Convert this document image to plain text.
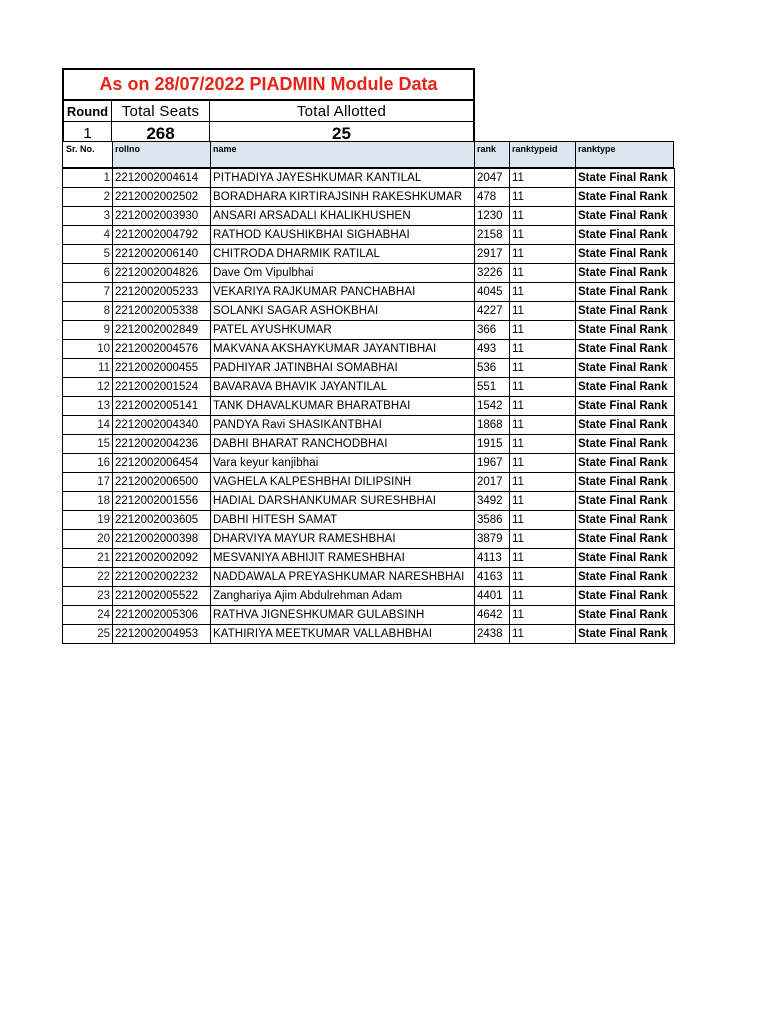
As on 28/07/2022 PIADMIN Module Data
Round Total Seats	Total Allotted
1	268	25
Sr. No.	rollno	name	rank	ranktypeid	ranktype
1	2212002004614	PITHADIYA JAYESHKUMAR KANTILAL	2047	11	State Final Rank
2	2212002002502	BORADHARA KIRTIRAJSINH RAKESHKUMAR	478	11	State Final Rank
3	2212002003930	ANSARI ARSADALI KHALIKHUSHEN	1230	11	State Final Rank
4	2212002004792	RATHOD KAUSHIKBHAI SIGHABHAI	2158	11	State Final Rank
5	2212002006140	CHITRODA DHARMIK RATILAL	2917	11	State Final Rank
6	2212002004826	Dave Om Vipulbhai	3226	11	State Final Rank
7	2212002005233	VEKARIYA RAJKUMAR PANCHABHAI	4045	11	State Final Rank
8	2212002005338	SOLANKI SAGAR ASHOKBHAI	4227	11	State Final Rank
9	2212002002849	PATEL AYUSHKUMAR	366	11	State Final Rank
10	2212002004576	MAKVANA AKSHAYKUMAR JAYANTIBHAI	493	11	State Final Rank
11	2212002000455	PADHIYAR JATINBHAI SOMABHAI	536	11	State Final Rank
12	2212002001524	BAVARAVA BHAVIK JAYANTILAL	551	11	State Final Rank
13	2212002005141	TANK DHAVALKUMAR BHARATBHAI	1542	11	State Final Rank
14	2212002004340	PANDYA Ravi SHASIKANTBHAI	1868	11	State Final Rank
15	2212002004236	DABHI BHARAT RANCHODBHAI	1915	11	State Final Rank
16	2212002006454	Vara keyur kanjibhai	1967	11	State Final Rank
17	2212002006500	VAGHELA KALPESHBHAI DILIPSINH	2017	11	State Final Rank
18	2212002001556	HADIAL DARSHANKUMAR SURESHBHAI	3492	11	State Final Rank
19	2212002003605	DABHI HITESH SAMAT	3586	11	State Final Rank
20	2212002000398	DHARVIYA MAYUR RAMESHBHAI	3879	11	State Final Rank
21	2212002002092	MESVANIYA ABHIJIT RAMESHBHAI	4113	11	State Final Rank
22	2212002002232	NADDAWALA PREYASHKUMAR NARESHBHAI	4163	11	State Final Rank
23	2212002005522	Zanghariya Ajim Abdulrehman Adam	4401	11	State Final Rank
24	2212002005306	RATHVA JIGNESHKUMAR GULABSINH	4642	11	State Final Rank
25	2212002004953	KATHIRIYA MEETKUMAR VALLABHBHAI	2438	11	State Final Rank
